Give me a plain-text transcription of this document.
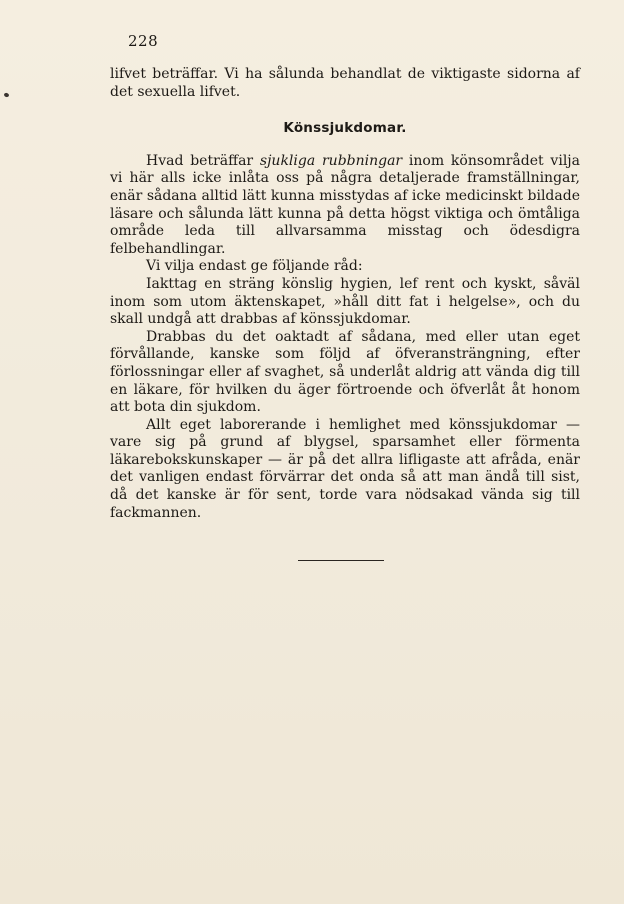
228

lifvet beträffar. Vi ha sålunda behandlat de viktigaste sidorna af det sexuella lifvet.

Könssjukdomar.

Hvad beträffar sjukliga rubbningar inom könsområdet vilja vi här alls icke inlåta oss på några detaljerade framställningar, enär sådana alltid lätt kunna misstydas af icke medicinskt bildade läsare och sålunda lätt kunna på detta högst viktiga och ömtåliga område leda till allvarsamma misstag och ödesdigra felbehandlingar.

Vi vilja endast ge följande råd:

Iakttag en sträng könslig hygien, lef rent och kyskt, såväl inom som utom äktenskapet, »håll ditt fat i helgelse», och du skall undgå att drabbas af könssjukdomar.

Drabbas du det oaktadt af sådana, med eller utan eget förvållande, kanske som följd af öfveransträngning, efter förlossningar eller af svaghet, så underlåt aldrig att vända dig till en läkare, för hvilken du äger förtroende och öfverlåt åt honom att bota din sjukdom.

Allt eget laborerande i hemlighet med könssjukdomar — vare sig på grund af blygsel, sparsamhet eller förmenta läkarebokskunskaper — är på det allra lifligaste att afråda, enär det vanligen endast förvärrar det onda så att man ändå till sist, då det kanske är för sent, torde vara nödsakad vända sig till fackmannen.
